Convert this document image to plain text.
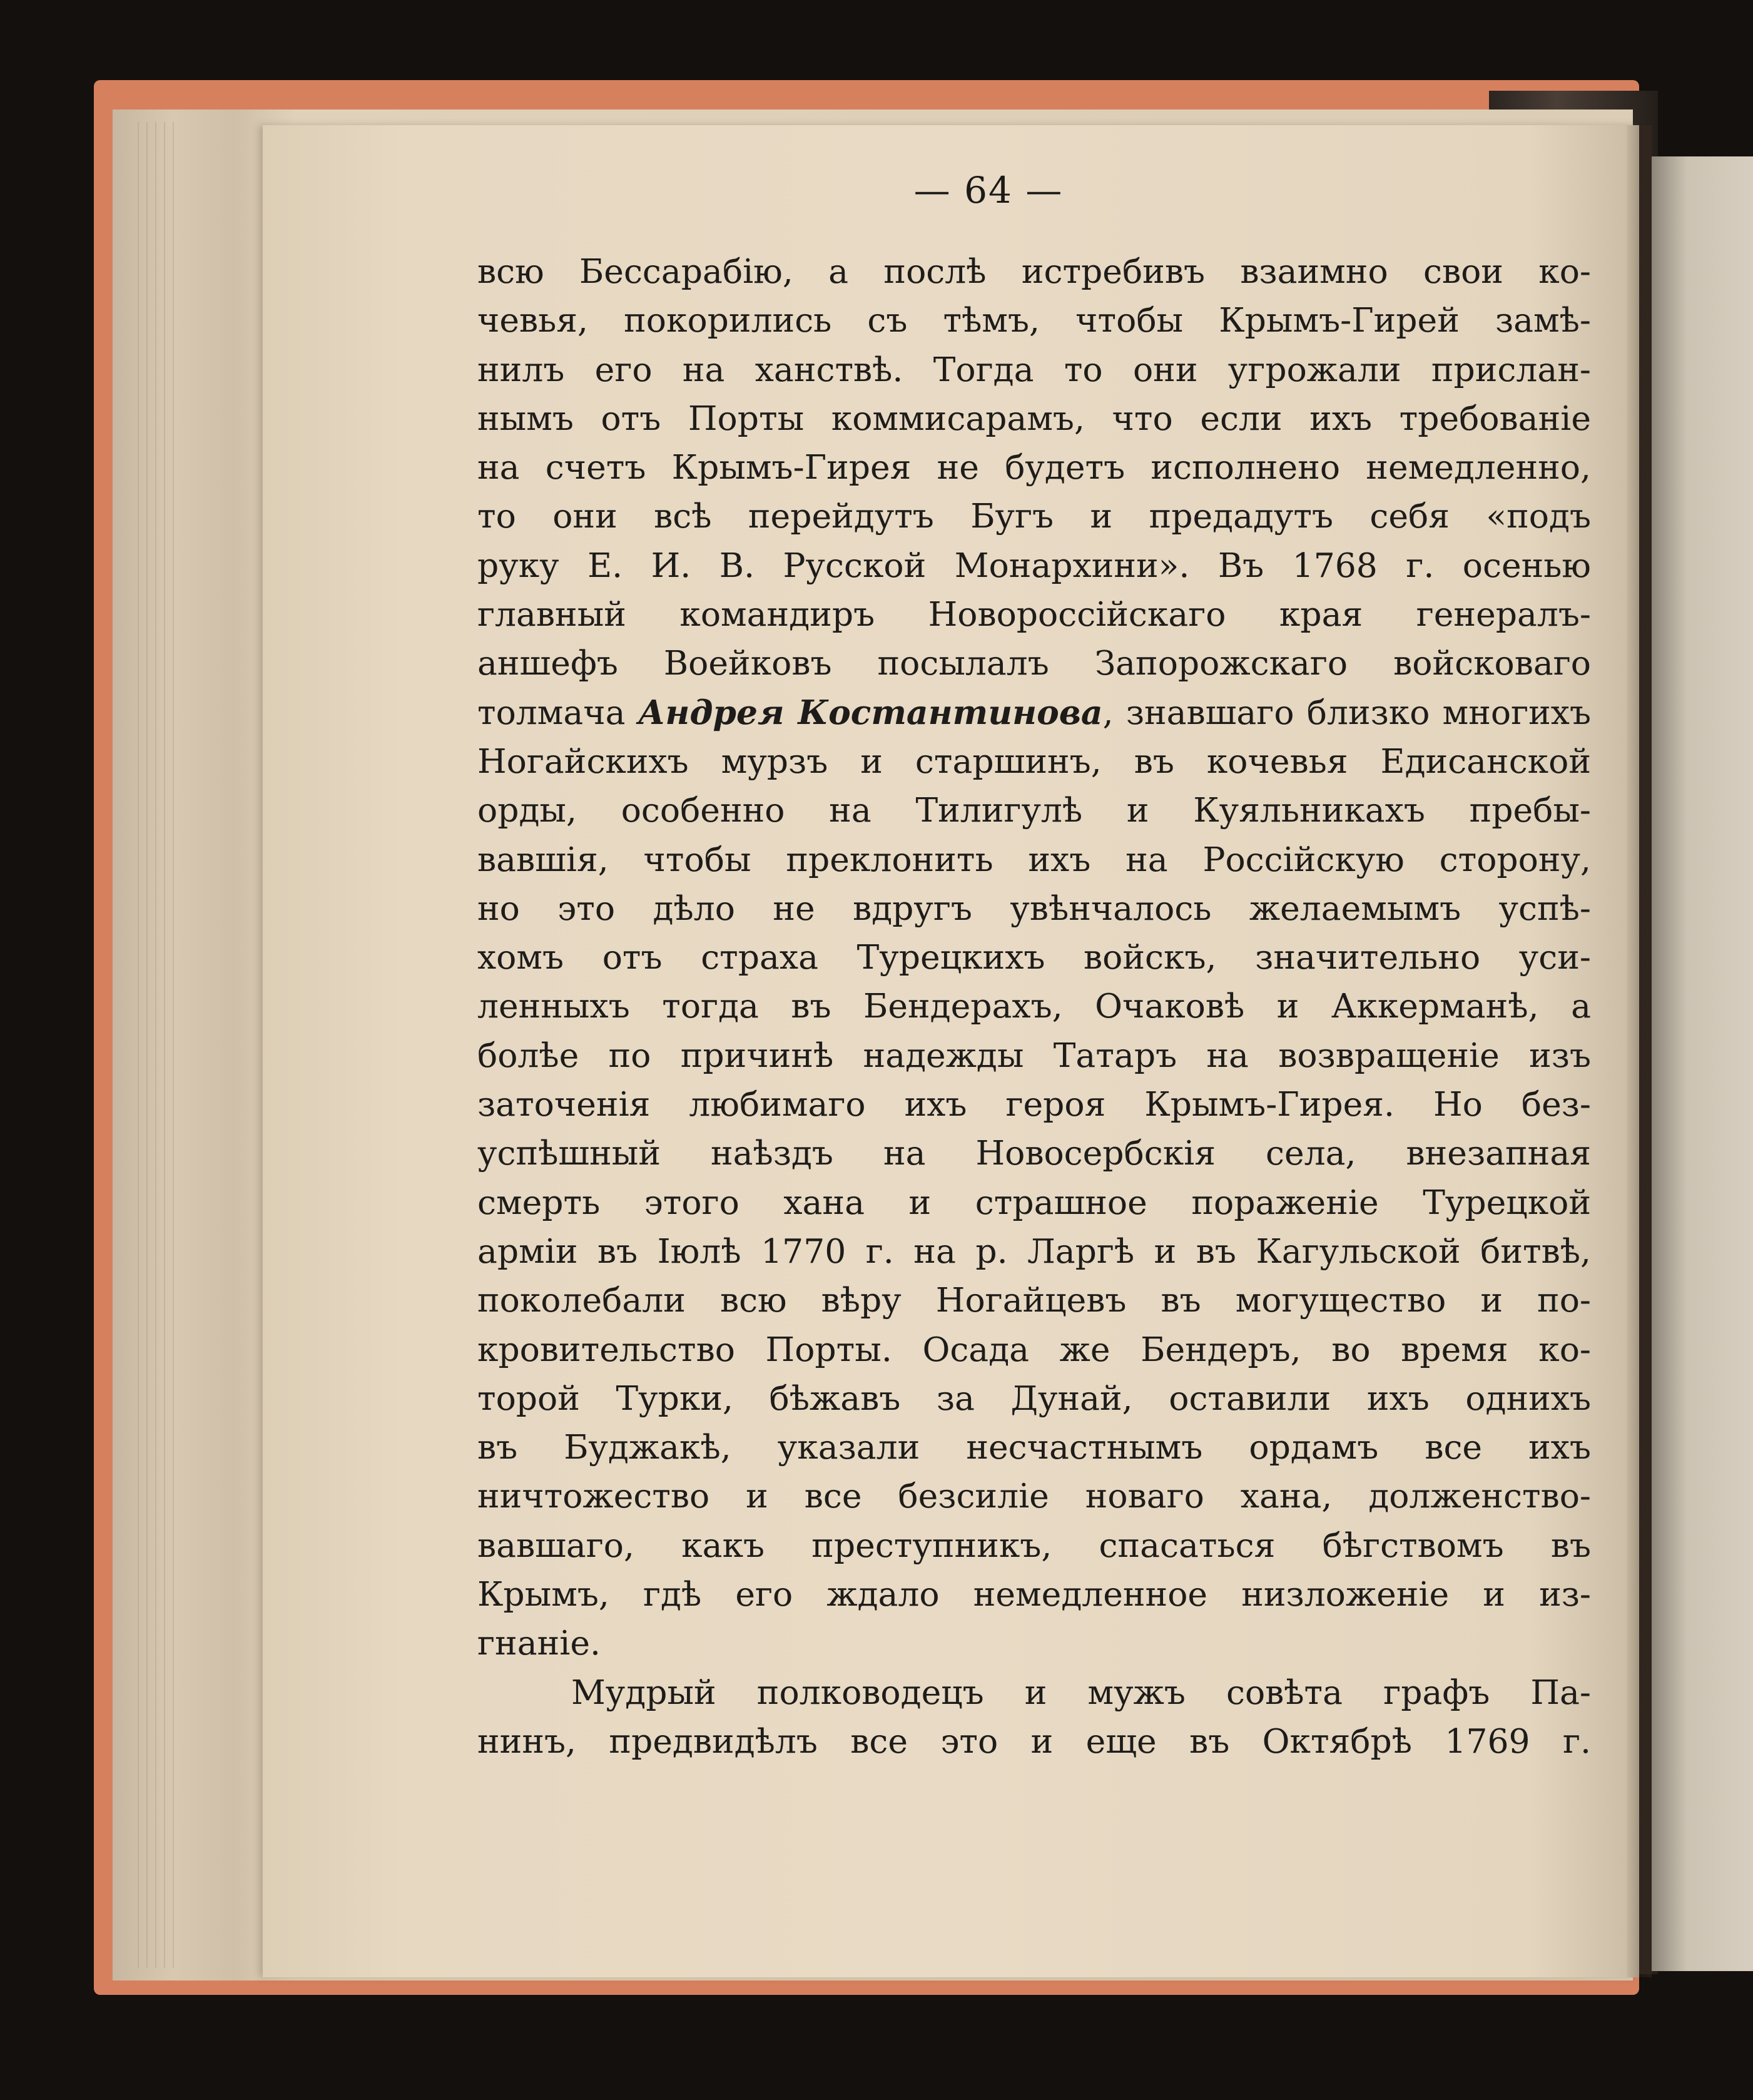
— 64 —
всю Бессарабію, а послѣ истребивъ взаимно свои ко-
чевья, покорились съ тѣмъ, чтобы Крымъ-Гирей замѣ-
нилъ его на ханствѣ. Тогда то они угрожали прислан-
нымъ отъ Порты коммисарамъ, что если ихъ требованіе
на счетъ Крымъ-Гирея не будетъ исполнено немедленно,
то они всѣ перейдутъ Бугъ и предадутъ себя «подъ
руку Е. И. В. Русской Монархини». Въ 1768 г. осенью
главный командиръ Новороссійскаго края генералъ-
аншефъ Воейковъ посылалъ Запорожскаго войсковаго
толмача Андрея Костантинова, знавшаго близко многихъ
Ногайскихъ мурзъ и старшинъ, въ кочевья Едисанской
орды, особенно на Тилигулѣ и Куяльникахъ пребы-
вавшія, чтобы преклонить ихъ на Россійскую сторону,
но это дѣло не вдругъ увѣнчалось желаемымъ успѣ-
хомъ отъ страха Турецкихъ войскъ, значительно уси-
ленныхъ тогда въ Бендерахъ, Очаковѣ и Аккерманѣ, а
болѣе по причинѣ надежды Татаръ на возвращеніе изъ
заточенія любимаго ихъ героя Крымъ-Гирея. Но без-
успѣшный наѣздъ на Новосербскія села, внезапная
смерть этого хана и страшное пораженіе Турецкой
арміи въ Іюлѣ 1770 г. на р. Ларгѣ и въ Кагульской битвѣ,
поколебали всю вѣру Ногайцевъ въ могущество и по-
кровительство Порты. Осада же Бендеръ, во время ко-
торой Турки, бѣжавъ за Дунай, оставили ихъ однихъ
въ Буджакѣ, указали несчастнымъ ордамъ все ихъ
ничтожество и все безсиліе новаго хана, долженство-
вавшаго, какъ преступникъ, спасаться бѣгствомъ въ
Крымъ, гдѣ его ждало немедленное низложеніе и из-
гнаніе.
Мудрый полководецъ и мужъ совѣта графъ Па-
нинъ, предвидѣлъ все это и еще въ Октябрѣ 1769 г.
